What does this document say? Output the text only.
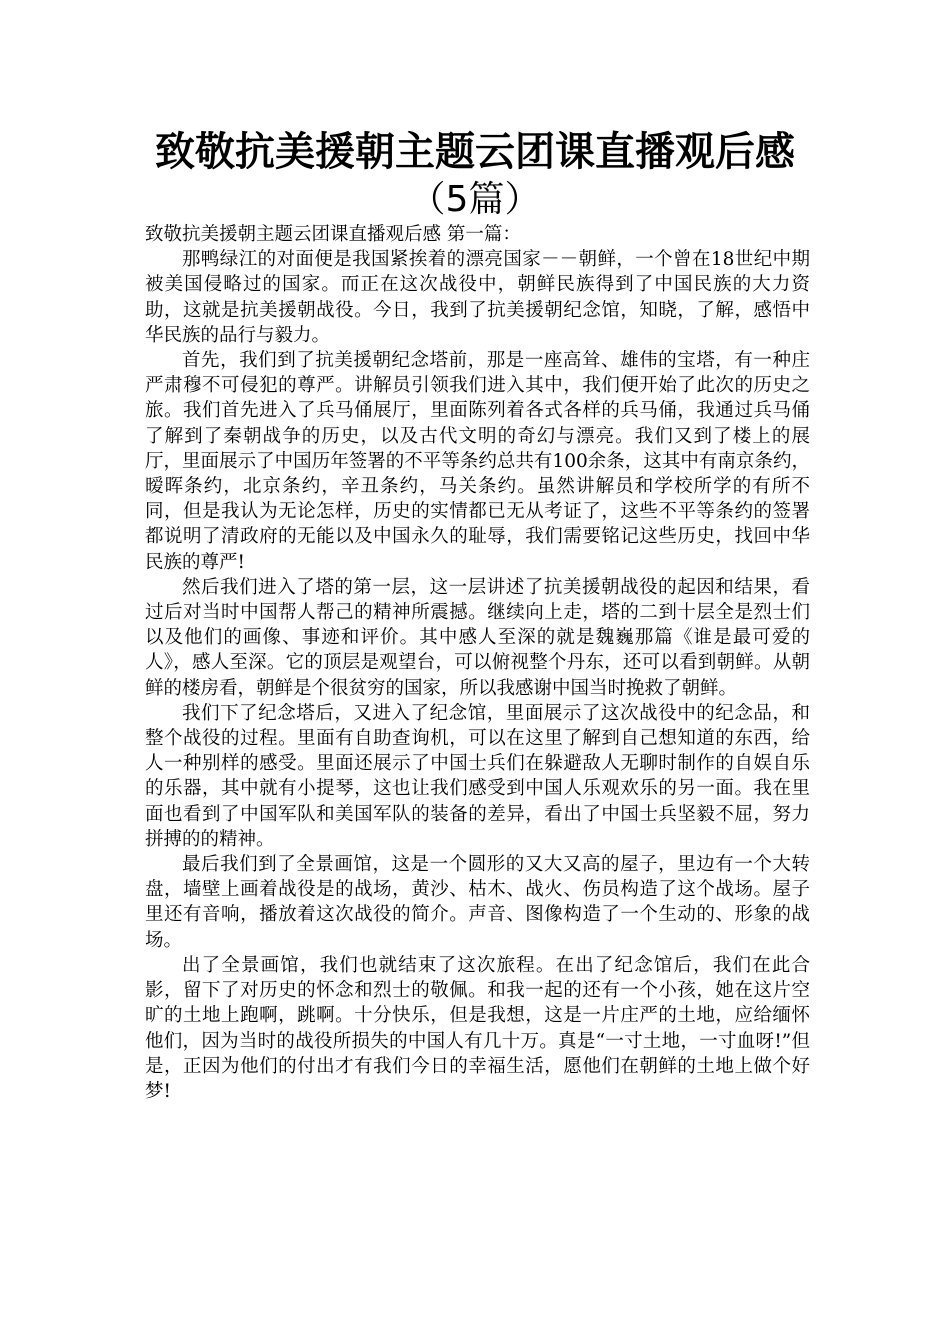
致敬抗美援朝主题云团课直播观后感
（5篇）

致敬抗美援朝主题云团课直播观后感 第一篇：

那鸭绿江的对面便是我国紧挨着的漂亮国家－－朝鲜，一个曾在18世纪中期被美国侵略过的国家。而正在这次战役中，朝鲜民族得到了中国民族的大力资助，这就是抗美援朝战役。今日，我到了抗美援朝纪念馆，知晓，了解，感悟中华民族的品行与毅力。

首先，我们到了抗美援朝纪念塔前，那是一座高耸、雄伟的宝塔，有一种庄严肃穆不可侵犯的尊严。讲解员引领我们进入其中，我们便开始了此次的历史之旅。我们首先进入了兵马俑展厅，里面陈列着各式各样的兵马俑，我通过兵马俑了解到了秦朝战争的历史，以及古代文明的奇幻与漂亮。我们又到了楼上的展厅，里面展示了中国历年签署的不平等条约总共有100余条，这其中有南京条约，暧晖条约，北京条约，辛丑条约，马关条约。虽然讲解员和学校所学的有所不同，但是我认为无论怎样，历史的实情都已无从考证了，这些不平等条约的签署都说明了清政府的无能以及中国永久的耻辱，我们需要铭记这些历史，找回中华民族的尊严!

然后我们进入了塔的第一层，这一层讲述了抗美援朝战役的起因和结果，看过后对当时中国帮人帮己的精神所震撼。继续向上走，塔的二到十层全是烈士们以及他们的画像、事迹和评价。其中感人至深的就是魏巍那篇《谁是最可爱的人》，感人至深。它的顶层是观望台，可以俯视整个丹东，还可以看到朝鲜。从朝鲜的楼房看，朝鲜是个很贫穷的国家，所以我感谢中国当时挽救了朝鲜。

我们下了纪念塔后，又进入了纪念馆，里面展示了这次战役中的纪念品，和整个战役的过程。里面有自助查询机，可以在这里了解到自己想知道的东西，给人一种别样的感受。里面还展示了中国士兵们在躲避敌人无聊时制作的自娱自乐的乐器，其中就有小提琴，这也让我们感受到中国人乐观欢乐的另一面。我在里面也看到了中国军队和美国军队的装备的差异，看出了中国士兵坚毅不屈，努力拼搏的的精神。

最后我们到了全景画馆，这是一个圆形的又大又高的屋子，里边有一个大转盘，墙壁上画着战役是的战场，黄沙、枯木、战火、伤员构造了这个战场。屋子里还有音响，播放着这次战役的简介。声音、图像构造了一个生动的、形象的战场。

出了全景画馆，我们也就结束了这次旅程。在出了纪念馆后，我们在此合影，留下了对历史的怀念和烈士的敬佩。和我一起的还有一个小孩，她在这片空旷的土地上跑啊，跳啊。十分快乐，但是我想，这是一片庄严的土地，应给缅怀他们，因为当时的战役所损失的中国人有几十万。真是“一寸土地，一寸血呀!”但是，正因为他们的付出才有我们今日的幸福生活，愿他们在朝鲜的土地上做个好梦!
